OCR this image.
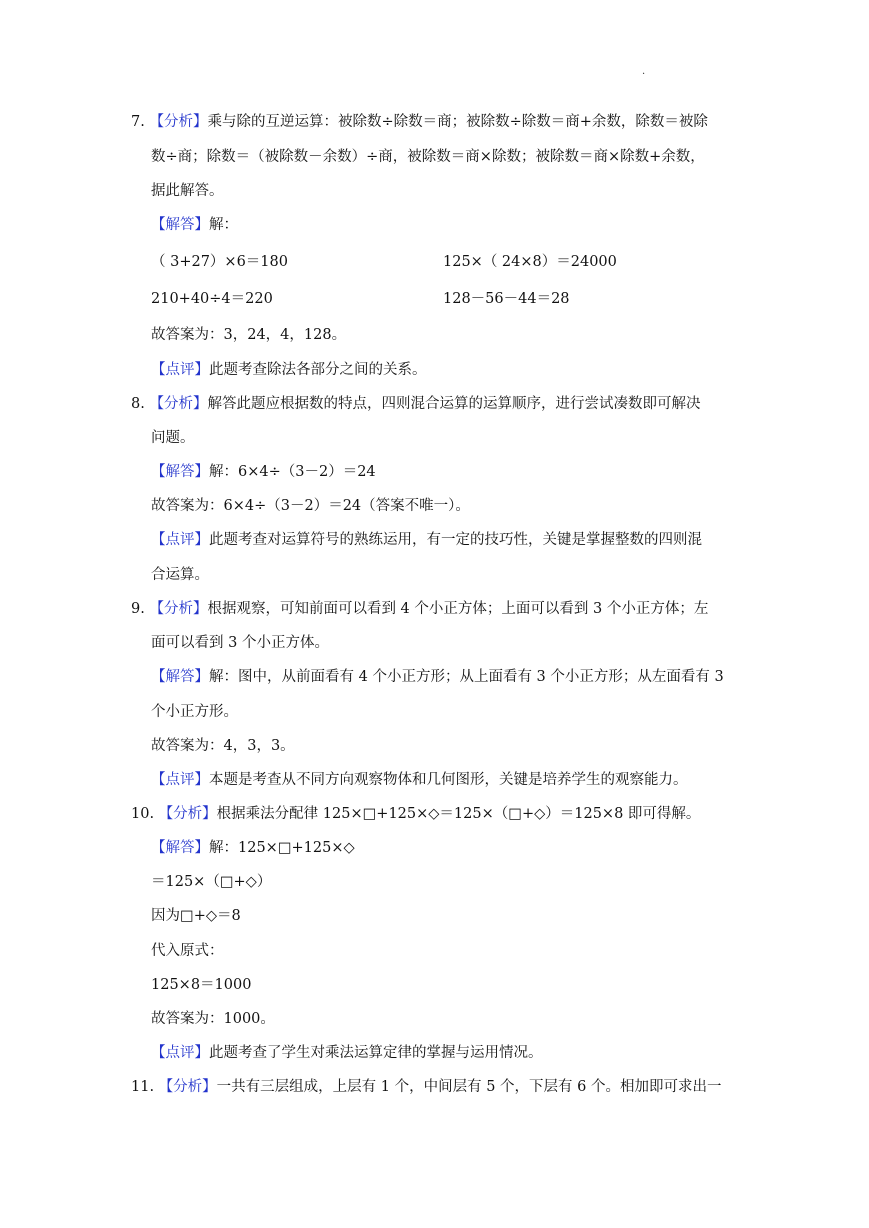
.
7. 【分析】乘与除的互逆运算：被除数÷除数＝商；被除数÷除数＝商+余数，除数＝被除
数÷商；除数＝（被除数－余数）÷商，被除数＝商×除数；被除数＝商×除数+余数，
据此解答。
【解答】解：
（ 3+27）×6＝180	125×（ 24×8）＝24000
210+40÷4＝220	128－56－44＝28
故答案为：3，24，4，128。
【点评】此题考查除法各部分之间的关系。
8. 【分析】解答此题应根据数的特点，四则混合运算的运算顺序，进行尝试凑数即可解决
问题。
【解答】解：6×4÷（3－2）＝24
故答案为：6×4÷（3－2）＝24（答案不唯一）。
【点评】此题考查对运算符号的熟练运用，有一定的技巧性，关键是掌握整数的四则混
合运算。
9. 【分析】根据观察，可知前面可以看到 4 个小正方体；上面可以看到 3 个小正方体；左
面可以看到 3 个小正方体。
【解答】解：图中，从前面看有 4 个小正方形；从上面看有 3 个小正方形；从左面看有 3
个小正方形。
故答案为：4，3，3。
【点评】本题是考查从不同方向观察物体和几何图形，关键是培养学生的观察能力。
10. 【分析】根据乘法分配律 125×□+125×◇＝125×（□+◇）＝125×8 即可得解。
【解答】解：125×□+125×◇
＝125×（□+◇）
因为□+◇＝8
代入原式：
125×8＝1000
故答案为：1000。
【点评】此题考查了学生对乘法运算定律的掌握与运用情况。
11. 【分析】一共有三层组成，上层有 1 个，中间层有 5 个，下层有 6 个。相加即可求出一
